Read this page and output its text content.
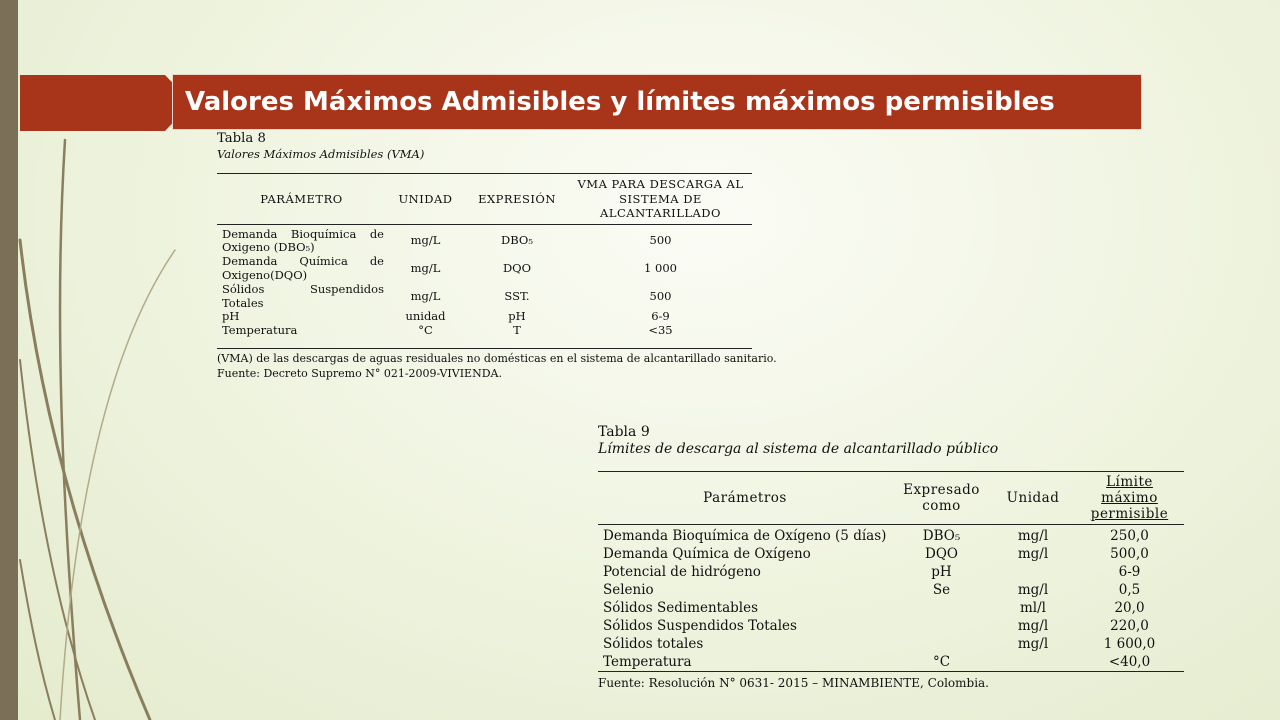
Valores Máximos Admisibles y límites máximos permisibles
Tabla 8
Valores Máximos Admisibles (VMA)
PARÁMETRO	UNIDAD	EXPRESIÓN	VMA PARA DESCARGA AL SISTEMA DE ALCANTARILLADO
Demanda Bioquímica de Oxigeno (DBO₅)	mg/L	DBO₅	500
Demanda Química de Oxigeno(DQO)	mg/L	DQO	1 000
Sólidos Suspendidos Totales	mg/L	SST.	500
pH	unidad	pH	6-9
Temperatura	°C	T	<35
(VMA) de las descargas de aguas residuales no domésticas en el sistema de alcantarillado sanitario.
Fuente: Decreto Supremo N° 021-2009-VIVIENDA.
Tabla 9
Límites de descarga al sistema de alcantarillado público
Parámetros	Expresado como	Unidad	Límite máximo permisible
Demanda Bioquímica de Oxígeno (5 días)	DBO₅	mg/l	250,0
Demanda Química de Oxígeno	DQO	mg/l	500,0
Potencial de hidrógeno	pH		6-9
Selenio	Se	mg/l	0,5
Sólidos Sedimentables		ml/l	20,0
Sólidos Suspendidos Totales		mg/l	220,0
Sólidos totales		mg/l	1 600,0
Temperatura	°C		<40,0
Fuente: Resolución N° 0631- 2015 – MINAMBIENTE, Colombia.
